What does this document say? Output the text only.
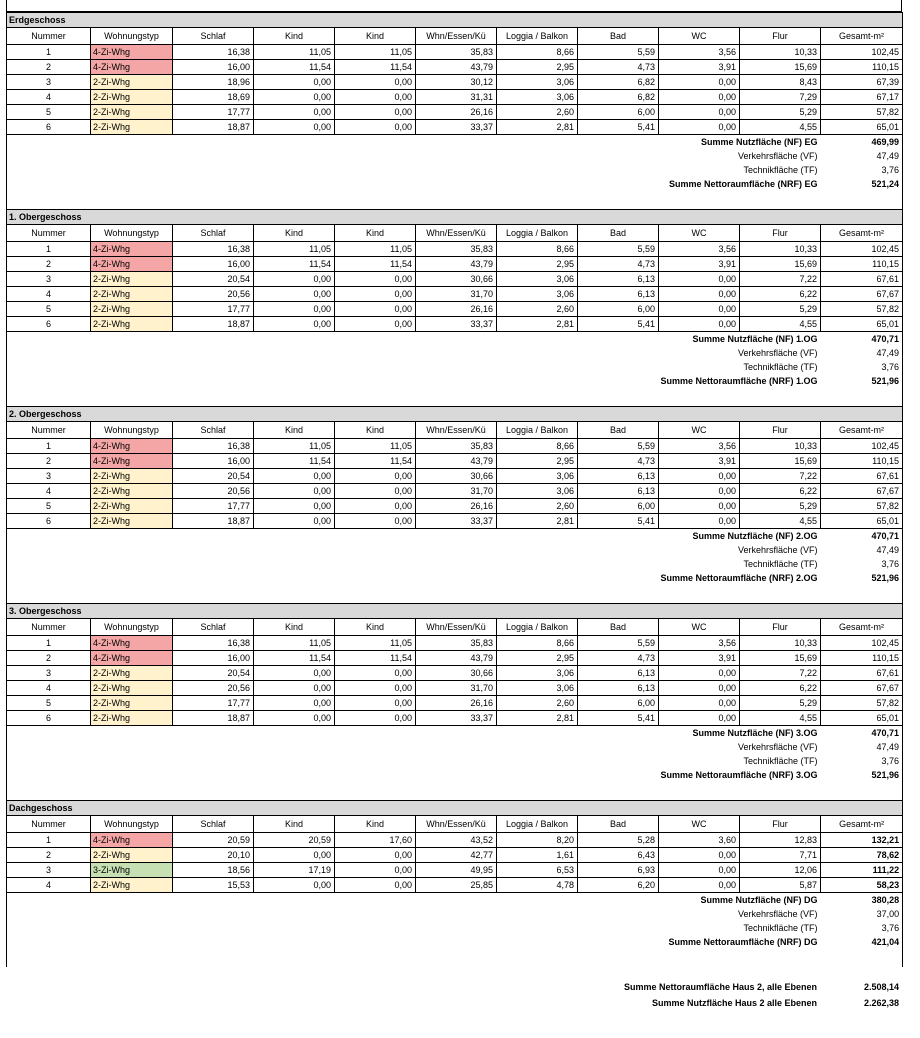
Erdgeschoss										
Nummer	Wohnungstyp	Schlaf	Kind	Kind	Whn/Essen/Kü	Loggia / Balkon	Bad	WC	Flur	Gesamt-m²
1	4-Zi-Whg	16,38	11,05	11,05	35,83	8,66	5,59	3,56	10,33	102,45
2	4-Zi-Whg	16,00	11,54	11,54	43,79	2,95	4,73	3,91	15,69	110,15
3	2-Zi-Whg	18,96	0,00	0,00	30,12	3,06	6,82	0,00	8,43	67,39
4	2-Zi-Whg	18,69	0,00	0,00	31,31	3,06	6,82	0,00	7,29	67,17
5	2-Zi-Whg	17,77	0,00	0,00	26,16	2,60	6,00	0,00	5,29	57,82
6	2-Zi-Whg	18,87	0,00	0,00	33,37	2,81	5,41	0,00	4,55	65,01
Summe Nutzfläche (NF) EG										469,99
Verkehrsfläche (VF)										47,49
Technikfläche (TF)										3,76
Summe Nettoraumfläche (NRF) EG										521,24

1. Obergeschoss										
Nummer	Wohnungstyp	Schlaf	Kind	Kind	Whn/Essen/Kü	Loggia / Balkon	Bad	WC	Flur	Gesamt-m²
1	4-Zi-Whg	16,38	11,05	11,05	35,83	8,66	5,59	3,56	10,33	102,45
2	4-Zi-Whg	16,00	11,54	11,54	43,79	2,95	4,73	3,91	15,69	110,15
3	2-Zi-Whg	20,54	0,00	0,00	30,66	3,06	6,13	0,00	7,22	67,61
4	2-Zi-Whg	20,56	0,00	0,00	31,70	3,06	6,13	0,00	6,22	67,67
5	2-Zi-Whg	17,77	0,00	0,00	26,16	2,60	6,00	0,00	5,29	57,82
6	2-Zi-Whg	18,87	0,00	0,00	33,37	2,81	5,41	0,00	4,55	65,01
Summe Nutzfläche (NF) 1.OG										470,71
Verkehrsfläche (VF)										47,49
Technikfläche (TF)										3,76
Summe Nettoraumfläche (NRF) 1.OG										521,96

2. Obergeschoss										
Nummer	Wohnungstyp	Schlaf	Kind	Kind	Whn/Essen/Kü	Loggia / Balkon	Bad	WC	Flur	Gesamt-m²
1	4-Zi-Whg	16,38	11,05	11,05	35,83	8,66	5,59	3,56	10,33	102,45
2	4-Zi-Whg	16,00	11,54	11,54	43,79	2,95	4,73	3,91	15,69	110,15
3	2-Zi-Whg	20,54	0,00	0,00	30,66	3,06	6,13	0,00	7,22	67,61
4	2-Zi-Whg	20,56	0,00	0,00	31,70	3,06	6,13	0,00	6,22	67,67
5	2-Zi-Whg	17,77	0,00	0,00	26,16	2,60	6,00	0,00	5,29	57,82
6	2-Zi-Whg	18,87	0,00	0,00	33,37	2,81	5,41	0,00	4,55	65,01
Summe Nutzfläche (NF) 2.OG										470,71
Verkehrsfläche (VF)										47,49
Technikfläche (TF)										3,76
Summe Nettoraumfläche (NRF) 2.OG										521,96

3. Obergeschoss										
Nummer	Wohnungstyp	Schlaf	Kind	Kind	Whn/Essen/Kü	Loggia / Balkon	Bad	WC	Flur	Gesamt-m²
1	4-Zi-Whg	16,38	11,05	11,05	35,83	8,66	5,59	3,56	10,33	102,45
2	4-Zi-Whg	16,00	11,54	11,54	43,79	2,95	4,73	3,91	15,69	110,15
3	2-Zi-Whg	20,54	0,00	0,00	30,66	3,06	6,13	0,00	7,22	67,61
4	2-Zi-Whg	20,56	0,00	0,00	31,70	3,06	6,13	0,00	6,22	67,67
5	2-Zi-Whg	17,77	0,00	0,00	26,16	2,60	6,00	0,00	5,29	57,82
6	2-Zi-Whg	18,87	0,00	0,00	33,37	2,81	5,41	0,00	4,55	65,01
Summe Nutzfläche (NF) 3.OG										470,71
Verkehrsfläche (VF)										47,49
Technikfläche (TF)										3,76
Summe Nettoraumfläche (NRF) 3.OG										521,96

Dachgeschoss										
Nummer	Wohnungstyp	Schlaf	Kind	Kind	Whn/Essen/Kü	Loggia / Balkon	Bad	WC	Flur	Gesamt-m²
1	4-Zi-Whg	20,59	20,59	17,60	43,52	8,20	5,28	3,60	12,83	132,21
2	2-Zi-Whg	20,10	0,00	0,00	42,77	1,61	6,43	0,00	7,71	78,62
3	3-Zi-Whg	18,56	17,19	0,00	49,95	6,53	6,93	0,00	12,06	111,22
4	2-Zi-Whg	15,53	0,00	0,00	25,85	4,78	6,20	0,00	5,87	58,23
Summe Nutzfläche (NF) DG										380,28
Verkehrsfläche (VF)										37,00
Technikfläche (TF)										3,76
Summe Nettoraumfläche (NRF) DG										421,04

Summe Nettoraumfläche Haus 2, alle Ebenen	2.508,14
Summe Nutzfläche Haus 2 alle Ebenen	2.262,38
